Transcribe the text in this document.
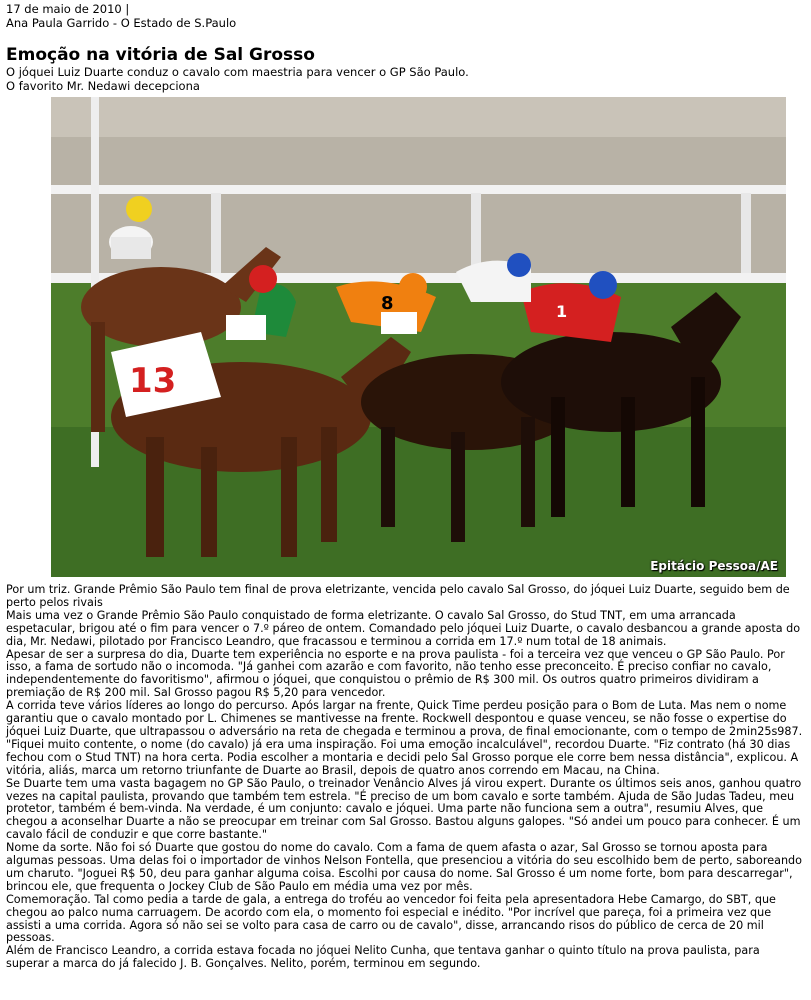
17 de maio de 2010 |
Ana Paula Garrido - O Estado de S.Paulo
Emoção na vitória de Sal Grosso
O jóquei Luiz Duarte conduz o cavalo com maestria para vencer o GP São Paulo.
O favorito Mr. Nedawi decepciona
13
8	1
Epitácio Pessoa/AE

Por um triz. Grande Prêmio São Paulo tem final de prova eletrizante, vencida pelo cavalo Sal Grosso, do jóquei Luiz Duarte, seguido bem de perto pelos rivais

Mais uma vez o Grande Prêmio São Paulo conquistado de forma eletrizante. O cavalo Sal Grosso, do Stud TNT, em uma arrancada espetacular, brigou até o fim para vencer o 7.º páreo de ontem. Comandado pelo jóquei Luiz Duarte, o cavalo desbancou a grande aposta do dia, Mr. Nedawi, pilotado por Francisco Leandro, que fracassou e terminou a corrida em 17.º num total de 18 animais.

Apesar de ser a surpresa do dia, Duarte tem experiência no esporte e na prova paulista - foi a terceira vez que venceu o GP São Paulo. Por isso, a fama de sortudo não o incomoda. "Já ganhei com azarão e com favorito, não tenho esse preconceito. É preciso confiar no cavalo, independentemente do favoritismo", afirmou o jóquei, que conquistou o prêmio de R$ 300 mil. Os outros quatro primeiros dividiram a premiação de R$ 200 mil. Sal Grosso pagou R$ 5,20 para vencedor.

A corrida teve vários líderes ao longo do percurso. Após largar na frente, Quick Time perdeu posição para o Bom de Luta. Mas nem o nome garantiu que o cavalo montado por L. Chimenes se mantivesse na frente. Rockwell despontou e quase venceu, se não fosse o expertise do jóquei Luiz Duarte, que ultrapassou o adversário na reta de chegada e terminou a prova, de final emocionante, com o tempo de 2min25s987. "Fiquei muito contente, o nome (do cavalo) já era uma inspiração. Foi uma emoção incalculável", recordou Duarte. "Fiz contrato (há 30 dias fechou com o Stud TNT) na hora certa. Podia escolher a montaria e decidi pelo Sal Grosso porque ele corre bem nessa distância", explicou. A vitória, aliás, marca um retorno triunfante de Duarte ao Brasil, depois de quatro anos correndo em Macau, na China.

Se Duarte tem uma vasta bagagem no GP São Paulo, o treinador Venâncio Alves já virou expert. Durante os últimos seis anos, ganhou quatro vezes na capital paulista, provando que também tem estrela. "É preciso de um bom cavalo e sorte também. Ajuda de São Judas Tadeu, meu protetor, também é bem-vinda. Na verdade, é um conjunto: cavalo e jóquei. Uma parte não funciona sem a outra", resumiu Alves, que chegou a aconselhar Duarte a não se preocupar em treinar com Sal Grosso. Bastou alguns galopes. "Só andei um pouco para conhecer. É um cavalo fácil de conduzir e que corre bastante."

Nome da sorte. Não foi só Duarte que gostou do nome do cavalo. Com a fama de quem afasta o azar, Sal Grosso se tornou aposta para algumas pessoas. Uma delas foi o importador de vinhos Nelson Fontella, que presenciou a vitória do seu escolhido bem de perto, saboreando um charuto. "Joguei R$ 50, deu para ganhar alguma coisa. Escolhi por causa do nome. Sal Grosso é um nome forte, bom para descarregar", brincou ele, que frequenta o Jockey Club de São Paulo em média uma vez por mês.

Comemoração. Tal como pedia a tarde de gala, a entrega do troféu ao vencedor foi feita pela apresentadora Hebe Camargo, do SBT, que chegou ao palco numa carruagem. De acordo com ela, o momento foi especial e inédito. "Por incrível que pareça, foi a primeira vez que assisti a uma corrida. Agora só não sei se volto para casa de carro ou de cavalo", disse, arrancando risos do público de cerca de 20 mil pessoas.

Além de Francisco Leandro, a corrida estava focada no jóquei Nelito Cunha, que tentava ganhar o quinto título na prova paulista, para superar a marca do já falecido J. B. Gonçalves. Nelito, porém, terminou em segundo.
